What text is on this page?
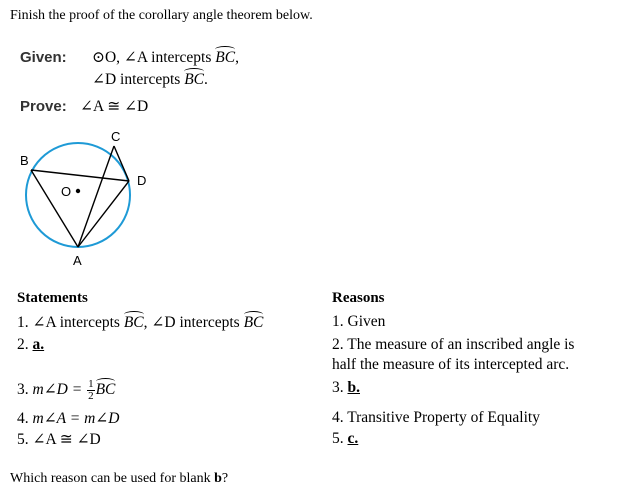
Finish the proof of the corollary angle theorem below.
Given: ⊙O, ∠A intercepts BC,
∠D intercepts BC.
Prove: ∠A ≅ ∠D
B
C
D
O
A
Statements	Reasons
1. ∠A intercepts BC, ∠D intercepts BC	1. Given
2. a.	2. The measure of an inscribed angle is
half the measure of its intercepted arc.
3. m∠D = $\frac{1}{2}$ BC	3. b.
4. m∠A = m∠D	4. Transitive Property of Equality
5. ∠A ≅ ∠D	5. c.
Which reason can be used for blank b?
